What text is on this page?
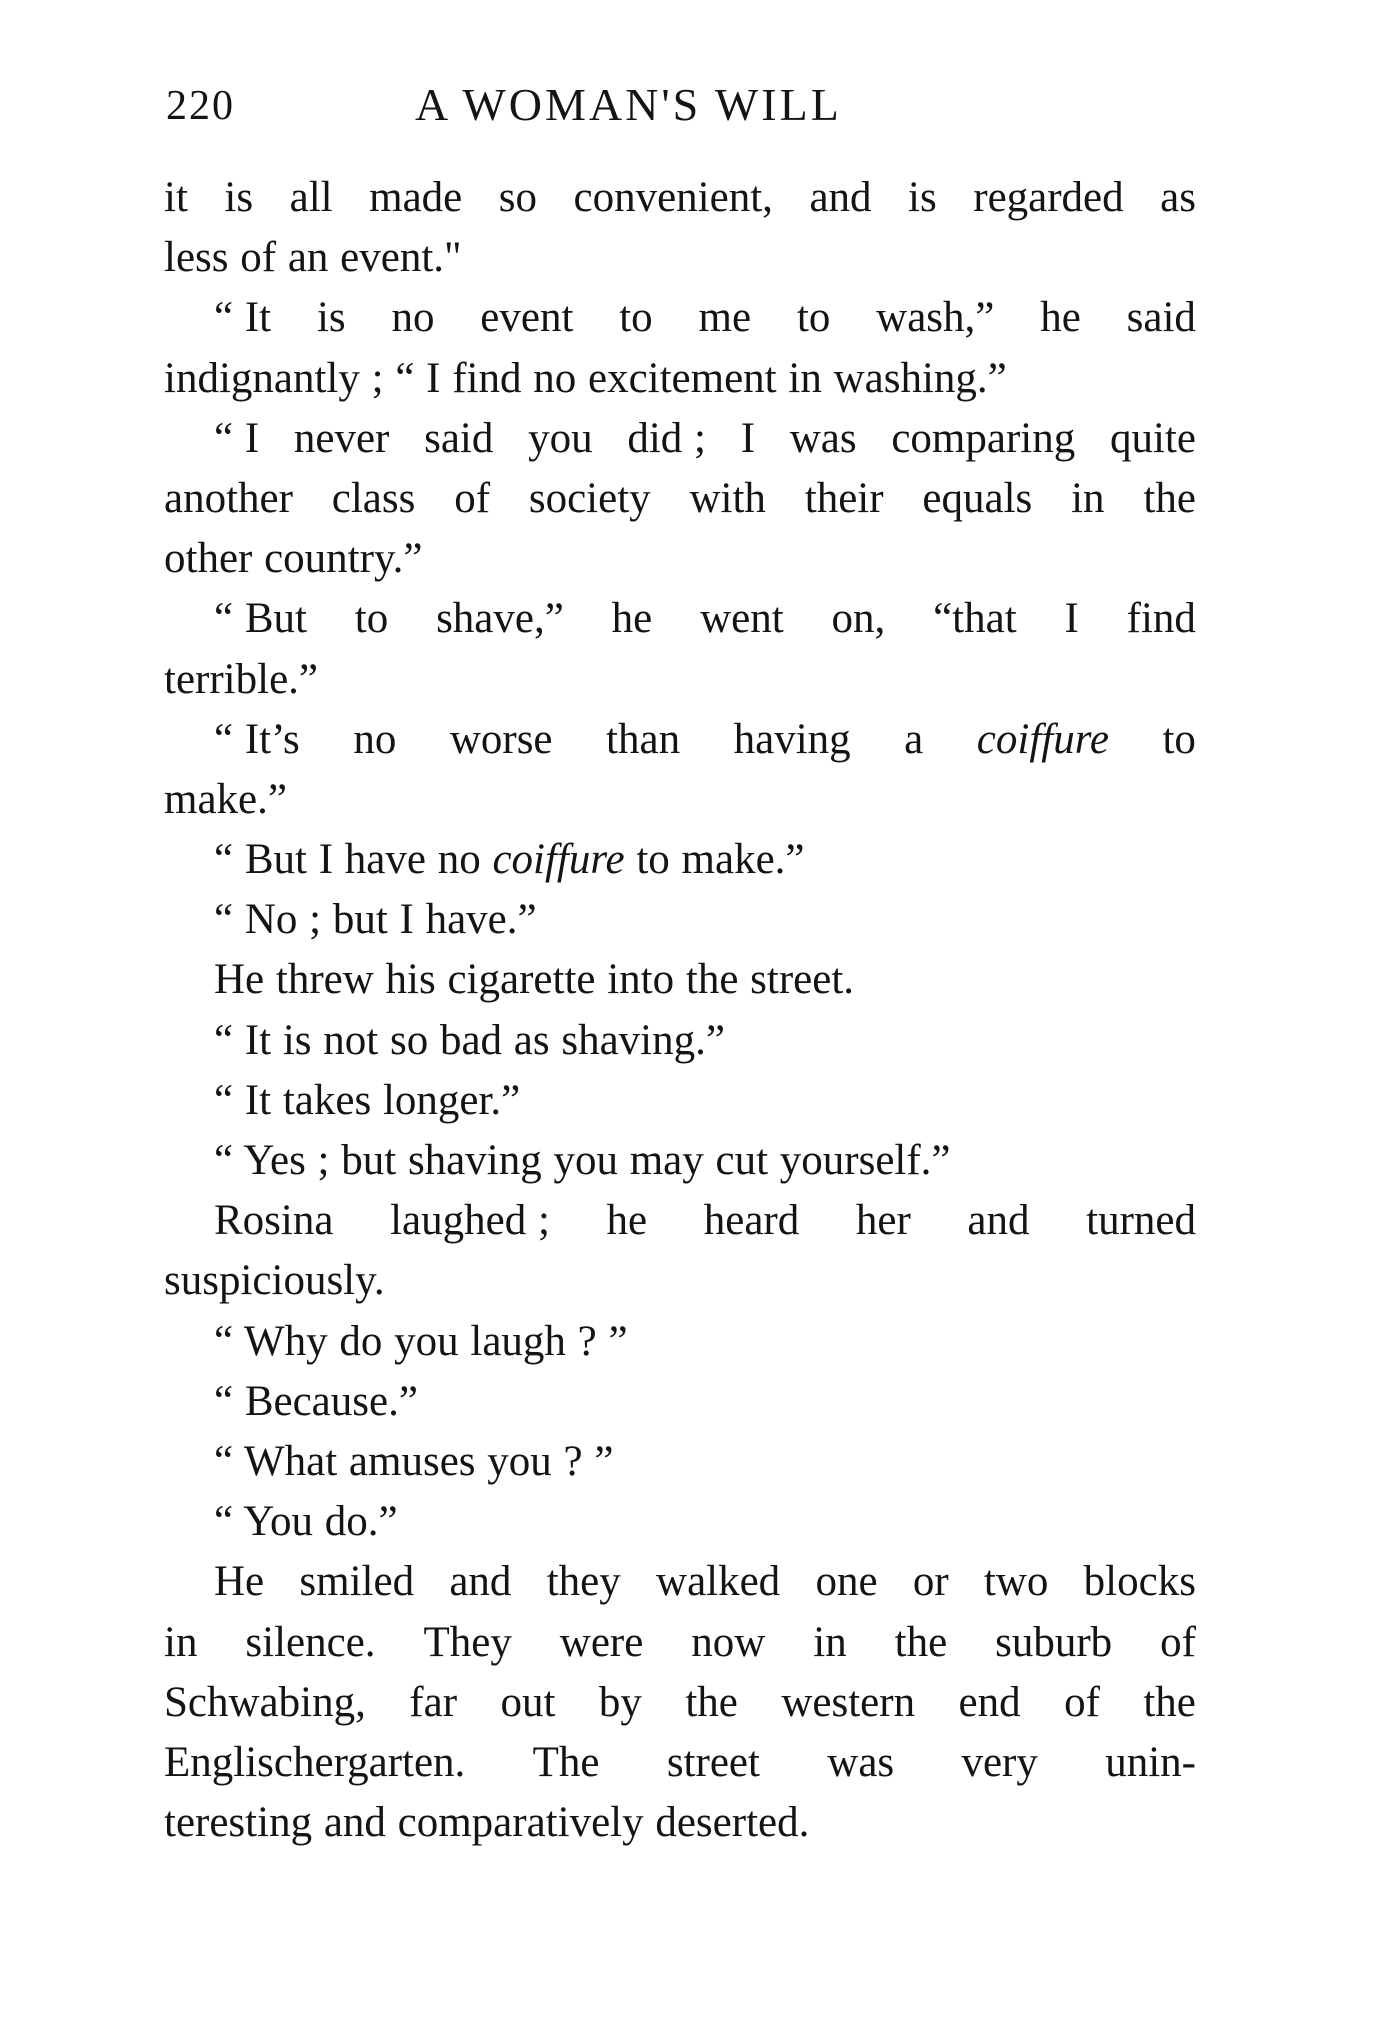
220	A WOMAN'S WILL
it is all made so convenient, and is regarded as
less of an event."
“ It is no event to me to wash,” he said
indignantly ; “ I find no excitement in washing.”
“ I never said you did ; I was comparing quite
another class of society with their equals in the
other country.”
“ But to shave,” he went on, “that I find
terrible.”
“ It’s no worse than having a coiffure to
make.”
“ But I have no coiffure to make.”
“ No ; but I have.”
He threw his cigarette into the street.
“ It is not so bad as shaving.”
“ It takes longer.”
“ Yes ; but shaving you may cut yourself.”
Rosina laughed ; he heard her and turned
suspiciously.
“ Why do you laugh ? ”
“ Because.”
“ What amuses you ? ”
“ You do.”
He smiled and they walked one or two blocks
in silence. They were now in the suburb of
Schwabing, far out by the western end of the
Englischergarten. The street was very unin-
teresting and comparatively deserted.
